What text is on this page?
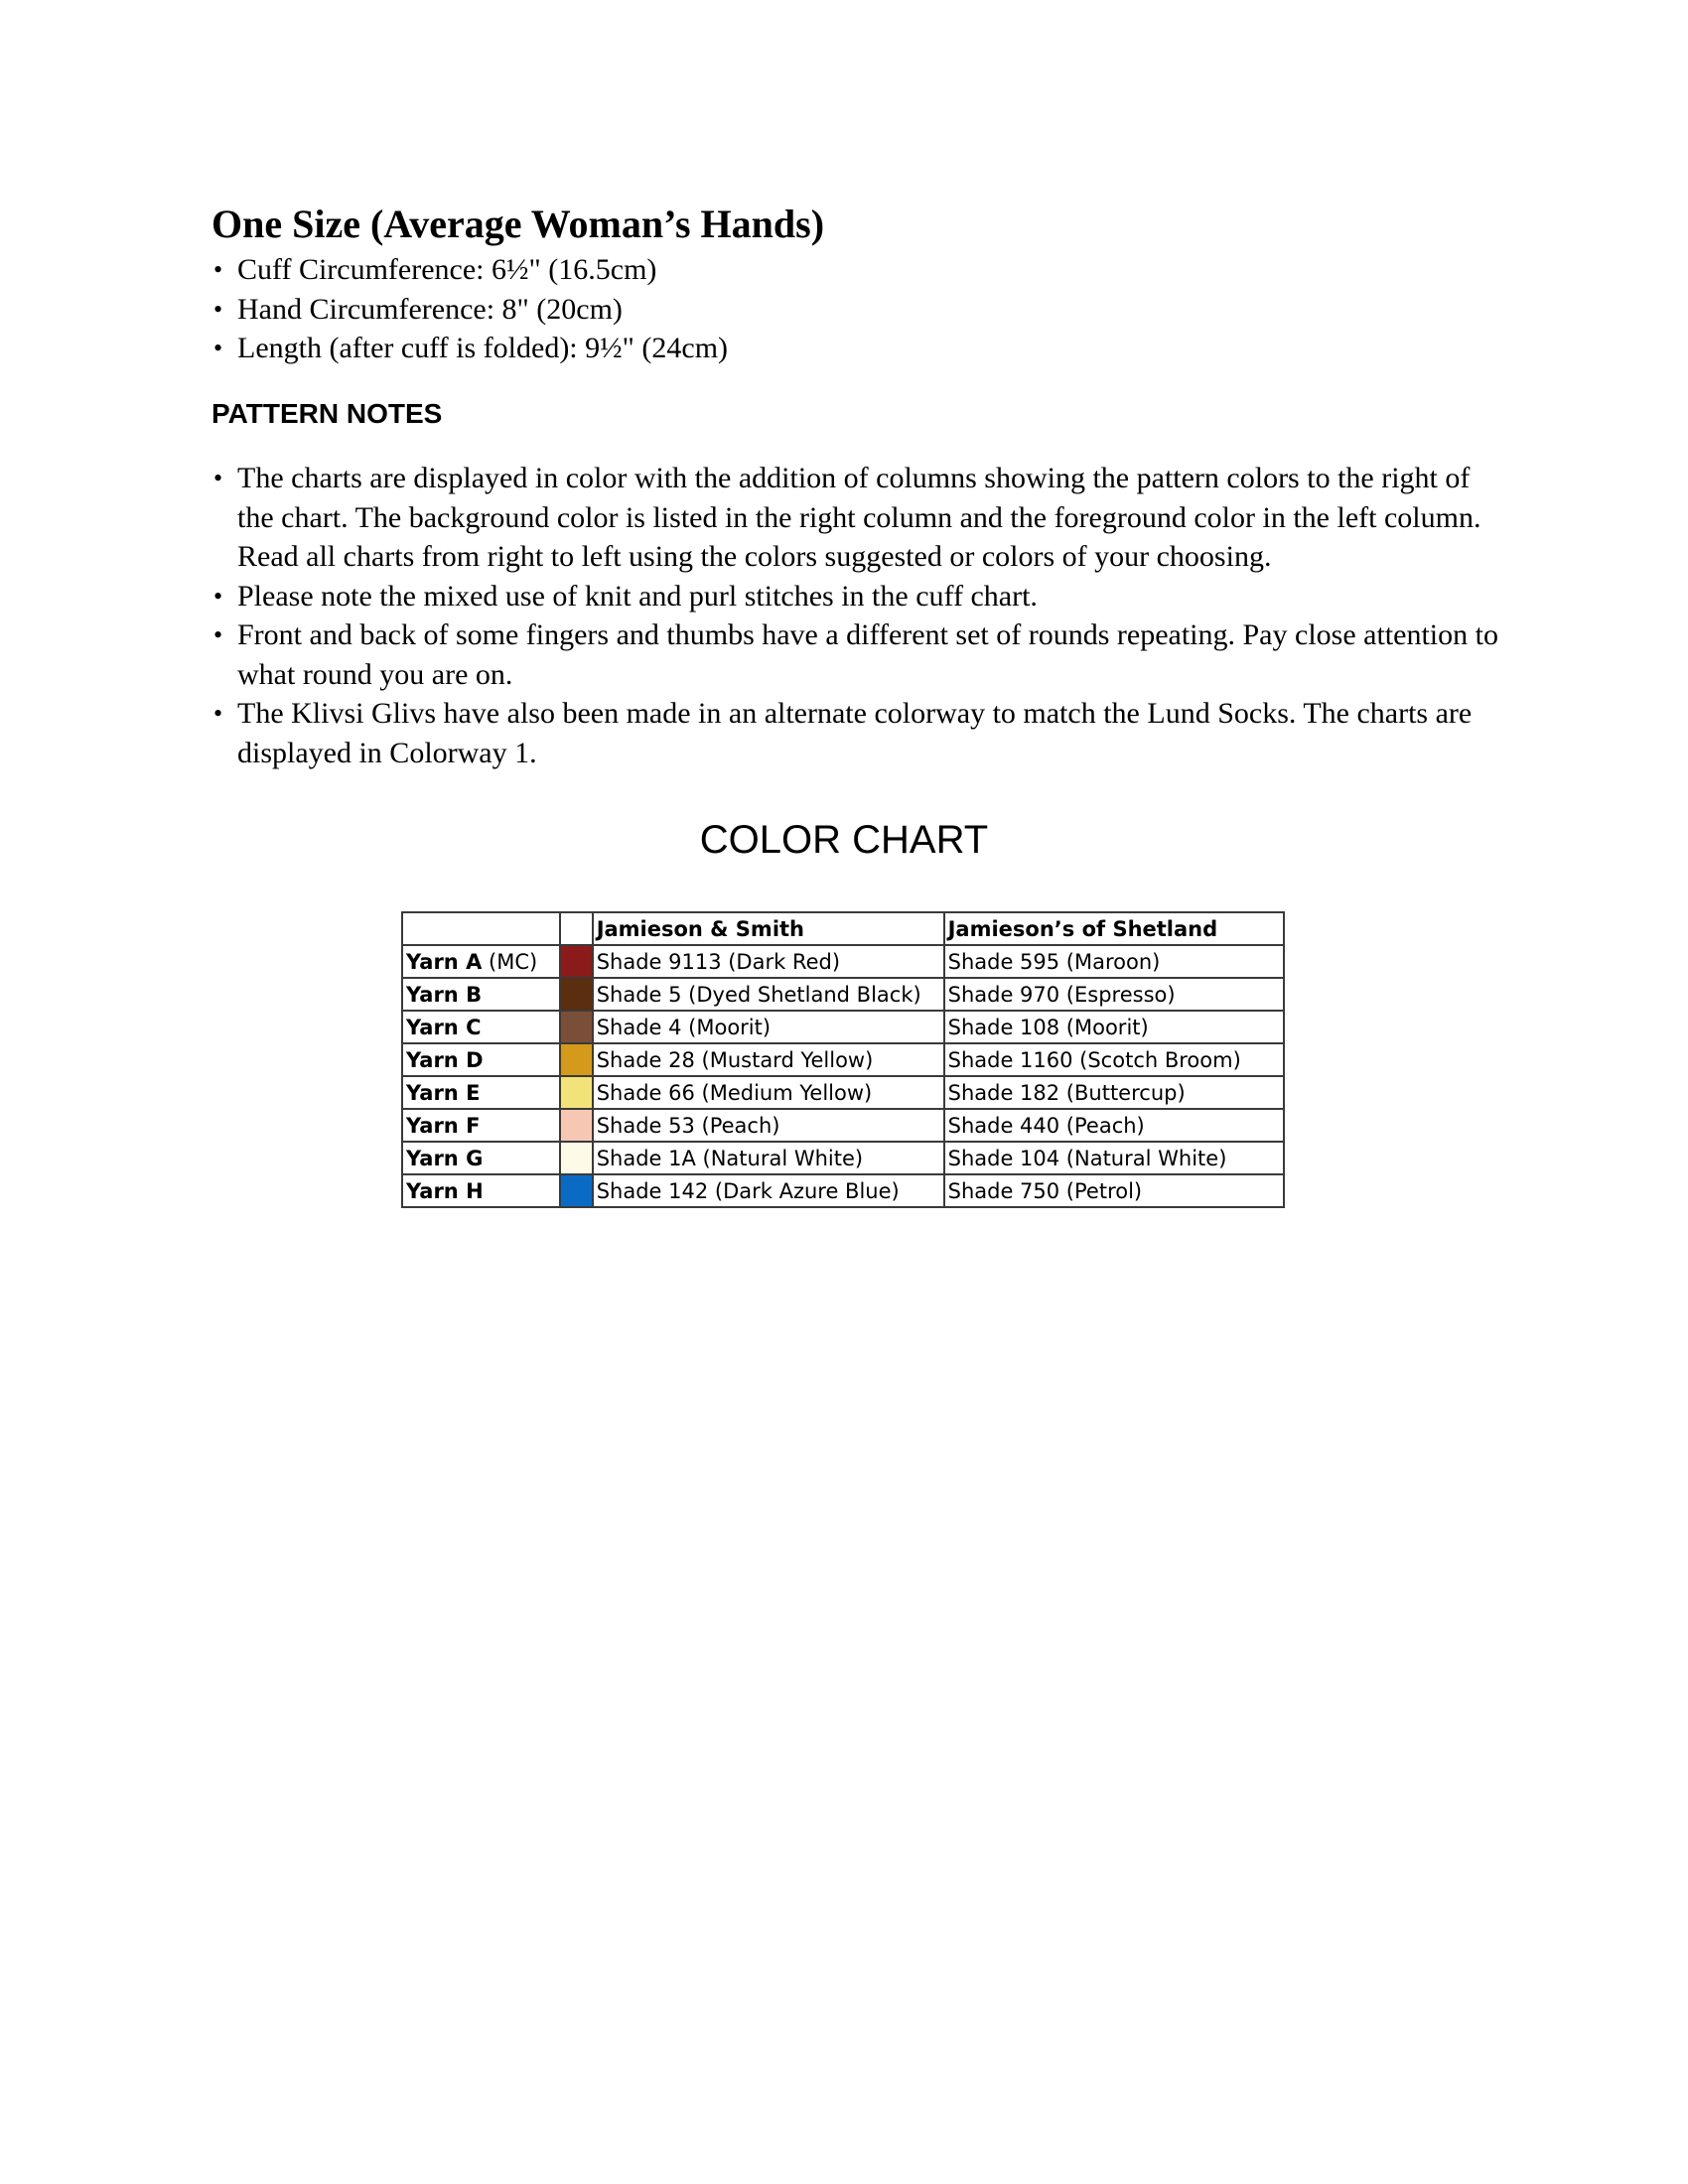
One Size (Average Woman’s Hands)
• Cuff Circumference: 6½" (16.5cm)
• Hand Circumference: 8" (20cm)
• Length (after cuff is folded): 9½" (24cm)
PATTERN NOTES
• The charts are displayed in color with the addition of columns showing the pattern colors to the right of the chart. The background color is listed in the right column and the foreground color in the left column. Read all charts from right to left using the colors suggested or colors of your choosing.
• Please note the mixed use of knit and purl stitches in the cuff chart.
• Front and back of some fingers and thumbs have a different set of rounds repeating. Pay close attention to what round you are on.
• The Klivsi Glivs have also been made in an alternate colorway to match the Lund Socks. The charts are displayed in Colorway 1.
COLOR CHART
		Jamieson & Smith	Jamieson’s of Shetland
Yarn A (MC)		Shade 9113 (Dark Red)	Shade 595 (Maroon)
Yarn B		Shade 5 (Dyed Shetland Black)	Shade 970 (Espresso)
Yarn C		Shade 4 (Moorit)	Shade 108 (Moorit)
Yarn D		Shade 28 (Mustard Yellow)	Shade 1160 (Scotch Broom)
Yarn E		Shade 66 (Medium Yellow)	Shade 182 (Buttercup)
Yarn F		Shade 53 (Peach)	Shade 440 (Peach)
Yarn G		Shade 1A (Natural White)	Shade 104 (Natural White)
Yarn H		Shade 142 (Dark Azure Blue)	Shade 750 (Petrol)
